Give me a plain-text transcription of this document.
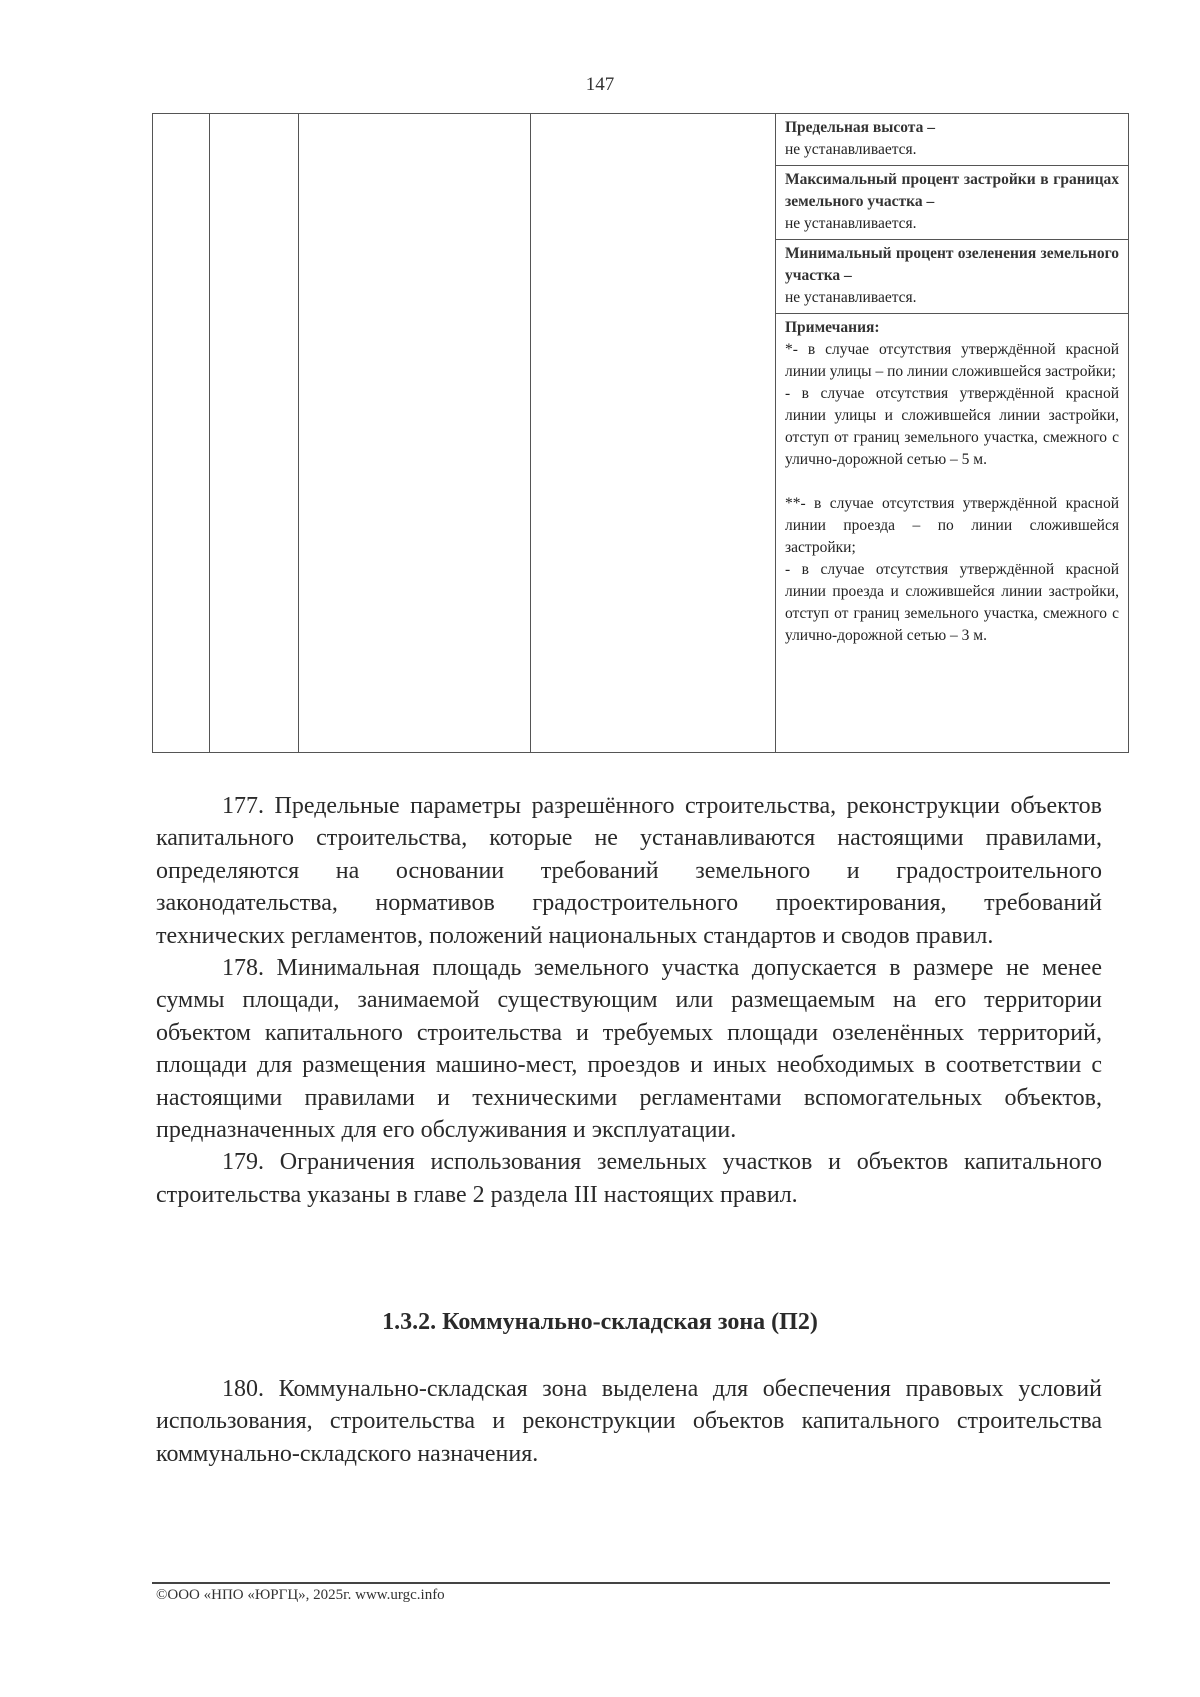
147

Предельная высота –
не устанавливается.
Максимальный процент застройки в границах земельного участка –
не устанавливается.
Минимальный процент озеленения земельного участка –
не устанавливается.
Примечания:
*- в случае отсутствия утверждённой красной линии улицы – по линии сложившейся застройки;
- в случае отсутствия утверждённой красной линии улицы и сложившейся линии застройки, отступ от границ земельного участка, смежного с улично-дорожной сетью – 5 м.
**- в случае отсутствия утверждённой красной линии проезда – по линии сложившейся застройки;
- в случае отсутствия утверждённой красной линии проезда и сложившейся линии застройки, отступ от границ земельного участка, смежного с улично-дорожной сетью – 3 м.

177. Предельные параметры разрешённого строительства, реконструкции объектов капитального строительства, которые не устанавливаются настоящими правилами, определяются на основании требований земельного и градостроительного законодательства, нормативов градостроительного проектирования, требований технических регламентов, положений национальных стандартов и сводов правил.

178. Минимальная площадь земельного участка допускается в размере не менее суммы площади, занимаемой существующим или размещаемым на его территории объектом капитального строительства и требуемых площади озеленённых территорий, площади для размещения машино-мест, проездов и иных необходимых в соответствии с настоящими правилами и техническими регламентами вспомогательных объектов, предназначенных для его обслуживания и эксплуатации.

179. Ограничения использования земельных участков и объектов капитального строительства указаны в главе 2 раздела III настоящих правил.

1.3.2. Коммунально-складская зона (П2)

180. Коммунально-складская зона выделена для обеспечения правовых условий использования, строительства и реконструкции объектов капитального строительства коммунально-складского назначения.

©ООО «НПО «ЮРГЦ», 2025г. www.urgc.info
